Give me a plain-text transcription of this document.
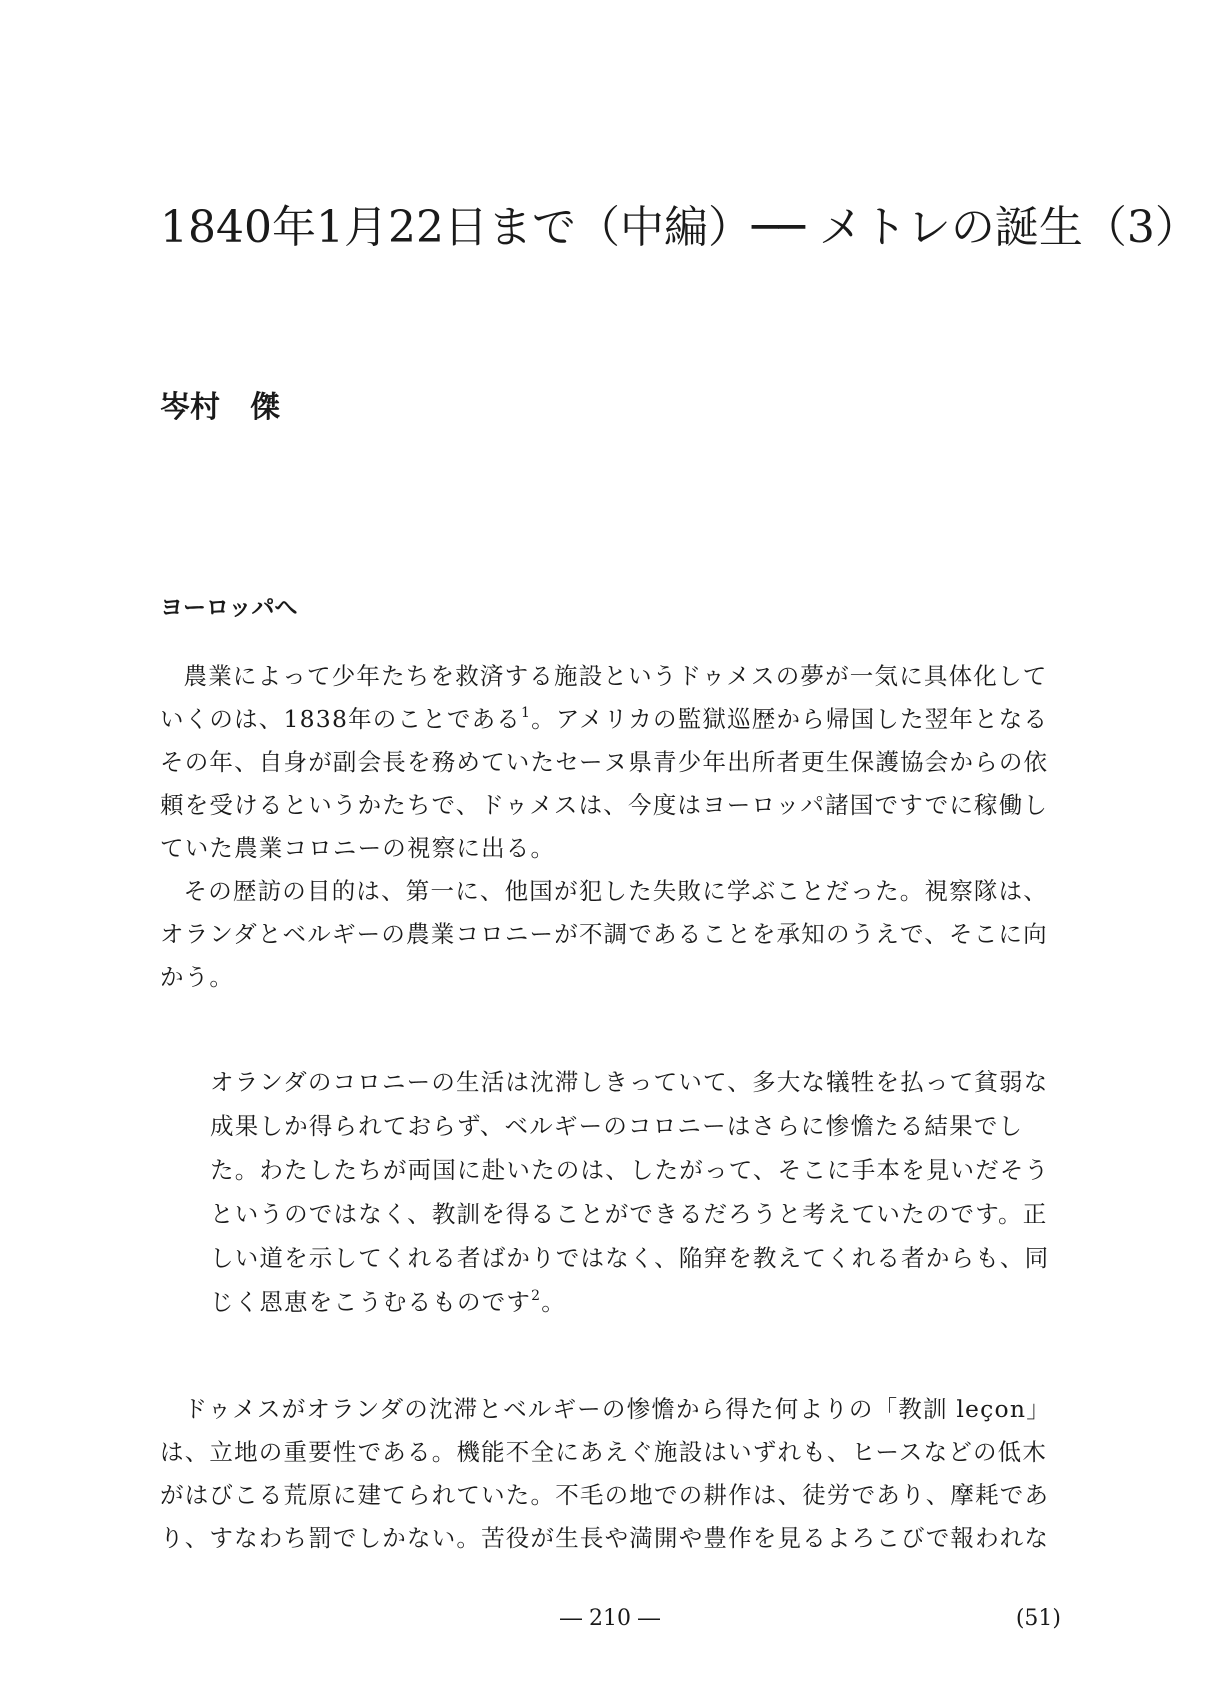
1840年1月22日まで（中編）── メトレの誕生（3）
岑村　傑
ヨーロッパへ

農業によって少年たちを救済する施設というドゥメスの夢が一気に具体化していくのは、1838年のことである$^1$。アメリカの監獄巡歴から帰国した翌年となるその年、自身が副会長を務めていたセーヌ県青少年出所者更生保護協会からの依頼を受けるというかたちで、ドゥメスは、今度はヨーロッパ諸国ですでに稼働していた農業コロニーの視察に出る。

その歴訪の目的は、第一に、他国が犯した失敗に学ぶことだった。視察隊は、オランダとベルギーの農業コロニーが不調であることを承知のうえで、そこに向かう。

オランダのコロニーの生活は沈滞しきっていて、多大な犠牲を払って貧弱な成果しか得られておらず、ベルギーのコロニーはさらに惨憺たる結果でした。わたしたちが両国に赴いたのは、したがって、そこに手本を見いだそうというのではなく、教訓を得ることができるだろうと考えていたのです。正しい道を示してくれる者ばかりではなく、陥穽を教えてくれる者からも、同じく恩恵をこうむるものです$^2$。

ドゥメスがオランダの沈滞とベルギーの惨憺から得た何よりの「教訓 leçon」は、立地の重要性である。機能不全にあえぐ施設はいずれも、ヒースなどの低木がはびこる荒原に建てられていた。不毛の地での耕作は、徒労であり、摩耗であり、すなわち罰でしかない。苦役が生長や満開や豊作を見るよろこびで報われな

― 210 ―	(51)
